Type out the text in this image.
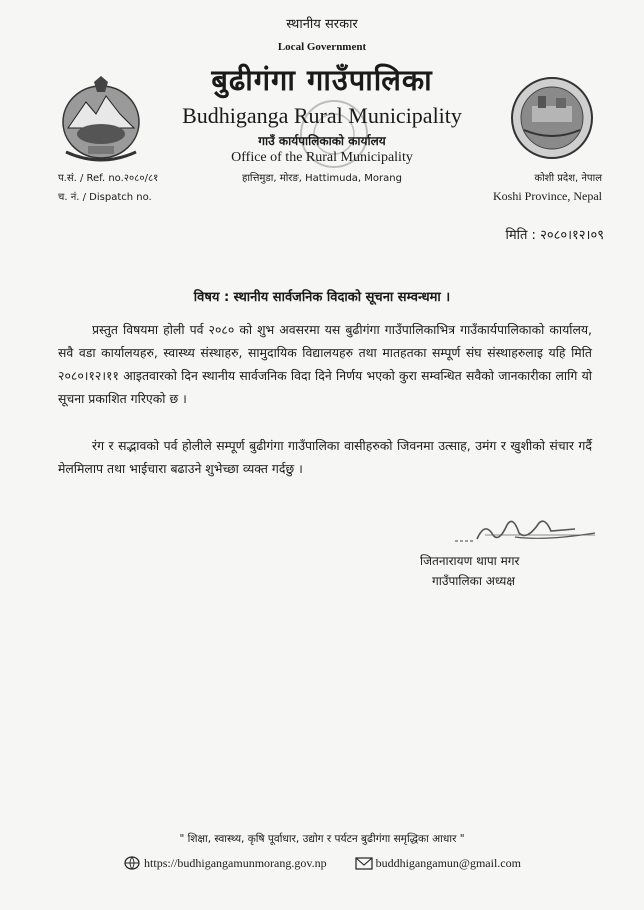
स्थानीय सरकार
Local Government
बुढीगंगा गाउँपालिका
Budhiganga Rural Municipality
गाउँ कार्यपालिकाको कार्यालय
Office of the Rural Municipality
हात्तिमुडा, मोरङ, Hattimuda, Morang
प.सं. / Ref. no.२०८०/८१
च. नं. / Dispatch no.
कोशी प्रदेश, नेपाल
Koshi Province, Nepal
मिति : २०८०।१२।०९
विषय : स्थानीय सार्वजनिक विदाको सूचना सम्वन्धमा ।
प्रस्तुत विषयमा होली पर्व २०८० को शुभ अवसरमा यस बुढीगंगा गाउँपालिकाभित्र गाउँकार्यपालिकाको कार्यालय, सवै वडा कार्यालयहरु, स्वास्थ्य संस्थाहरु, सामुदायिक विद्यालयहरु तथा मातहतका सम्पूर्ण संघ संस्थाहरुलाइ यहि मिति २०८०।१२।११ आइतवारको दिन स्थानीय सार्वजनिक विदा दिने निर्णय भएको कुरा सम्वन्धित सवैको जानकारीका लागि यो सूचना प्रकाशित गरिएको छ ।
रंग र सद्भावको पर्व होलीले सम्पूर्ण बुढीगंगा गाउँपालिका वासीहरुको जिवनमा उत्साह, उमंग र खुशीको संचार गर्दै मेलमिलाप तथा भाईचारा बढाउने शुभेच्छा व्यक्त गर्दछु ।
जितनारायण थापा मगर
गाउँपालिका अध्यक्ष
" शिक्षा, स्वास्थ्य, कृषि पूर्वाधार, उद्योग र पर्यटन बुढीगंगा समृद्धिका आधार "
https://budhigangamunmorang.gov.np	buddhigangamun@gmail.com
